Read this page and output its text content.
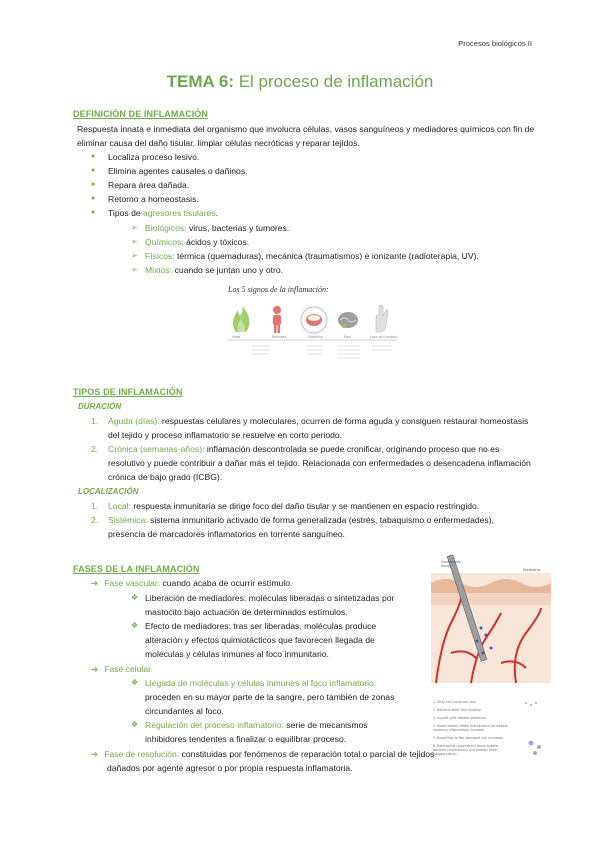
Procesos biológicos II
TEMA 6: El proceso de inflamación
DEFINICIÓN DE INFLAMACIÓN
Respuesta innata e inmediata del organismo que involucra células, vasos sanguíneos y mediadores químicos con fin de eliminar causa del daño tisular, limpiar células necróticas y reparar tejidos.
● Localiza proceso lesivo.
● Elimina agentes causales o dañinos.
● Repara área dañada.
● Retorno a homeostasis.
● Tipos de agresores tisulares.
➢ Biológicos: virus, bacterias y tumores.
➢ Químicos: ácidos y tóxicos.
➢ Físicos: térmica (quemaduras), mecánica (traumatismos) e ionizante (radioterapia, UV).
➢ Mixtos: cuando se juntan uno y otro.
Los 5 signos de la inflamación:
Heat	Redness	Swelling	Pain	Loss of function
TIPOS DE INFLAMACIÓN
DURACIÓN
1. Aguda (días): respuestas celulares y moleculares, ocurren de forma aguda y consiguen restaurar homeostasis del tejido y proceso inflamatorio se resuelve en corto periodo.
2. Crónica (semanas-años): inflamación descontrolada se puede cronificar, originando proceso que no es resolutivo y puede contribuir a dañar más el tejido. Relacionada con enfermedades o desencadena inflamación crónica de bajo grado (ICBG).
LOCALIZACIÓN
1. Local: respuesta inmunitaria se dirige foco del daño tisular y se mantienen en espacio restringido.
2. Sistémica: sistema inmunitario activado de forma generalizada (estrés, tabaquismo o enfermedades), presencia de marcadores inflamatorios en torrente sanguíneo.
FASES DE LA INFLAMACIÓN
➔ Fase vascular: cuando acaba de ocurrir estímulo.
❖ Liberación de mediadores: moléculas liberadas o sintetizadas por mastocito bajo actuación de determinados estímulos.
❖ Efecto de mediadores: tras ser liberadas, moléculas produce alteración y efectos quimiotácticos que favorecen llegada de moléculas y células inmunes al foco inmunitario.
➔ Fase celular
❖ Llegada de moléculas y células inmunes al foco inflamatorio: proceden en su mayor parte de la sangre, pero también de zonas circundantes al foco.
❖ Regulación del proceso inflamatorio: serie de mecanismos inhibidores tendentes a finalizar o equilibrar proceso.
➔ Fase de resolución: constituidas por fenómenos de reparación total o parcial de tejidos dañados por agente agresor o por propia respuesta inflamatoria.
Connective
tissue
Epidermis
1. Dirty nail punctures skin.
2. Bacteria enter and multiply.
3. Injured cells release histamine.
4. Blood vessels dilate and become permeable,
releasing inflammatory exudate.
5. Blood flow to the damaged site increases.
6. Neutrophils (polymorph) move toward
bacteria (chemotaxis) and destroy them
(phagocytosis).
